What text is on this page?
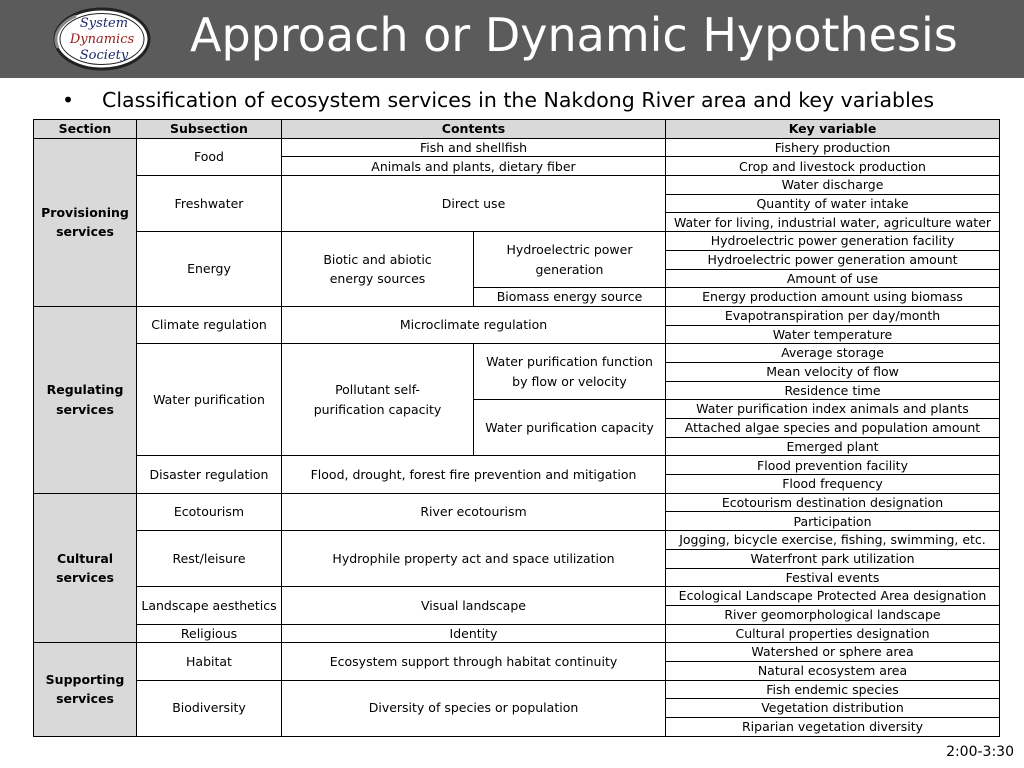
System
Dynamics
Society Approach or Dynamic Hypothesis
• Classification of ecosystem services in the Nakdong River area and key variables
Section	Subsection	Contents		Key variable
Provisioning services	Food	Fish and shellfish		Fishery production
		Animals and plants, dietary fiber		Crop and livestock production
	Freshwater	Direct use		Water discharge
				Quantity of water intake
				Water for living, industrial water, agriculture water
	Energy	Biotic and abiotic energy sources	Hydroelectric power generation	Hydroelectric power generation facility
				Hydroelectric power generation amount
				Amount of use
			Biomass energy source	Energy production amount using biomass
Regulating services	Climate regulation	Microclimate regulation		Evapotranspiration per day/month
				Water temperature
	Water purification	Pollutant self-purification capacity	Water purification function by flow or velocity	Average storage
				Mean velocity of flow
				Residence time
			Water purification capacity	Water purification index animals and plants
				Attached algae species and population amount
				Emerged plant
	Disaster regulation	Flood, drought, forest fire prevention and mitigation		Flood prevention facility
				Flood frequency
Cultural services	Ecotourism	River ecotourism		Ecotourism destination designation
				Participation
	Rest/leisure	Hydrophile property act and space utilization		Jogging, bicycle exercise, fishing, swimming, etc.
				Waterfront park utilization
				Festival events
	Landscape aesthetics	Visual landscape		Ecological Landscape Protected Area designation
				River geomorphological landscape
	Religious	Identity		Cultural properties designation
Supporting services	Habitat	Ecosystem support through habitat continuity		Watershed or sphere area
				Natural ecosystem area
	Biodiversity	Diversity of species or population		Fish endemic species
				Vegetation distribution
				Riparian vegetation diversity
2:00-3:30
